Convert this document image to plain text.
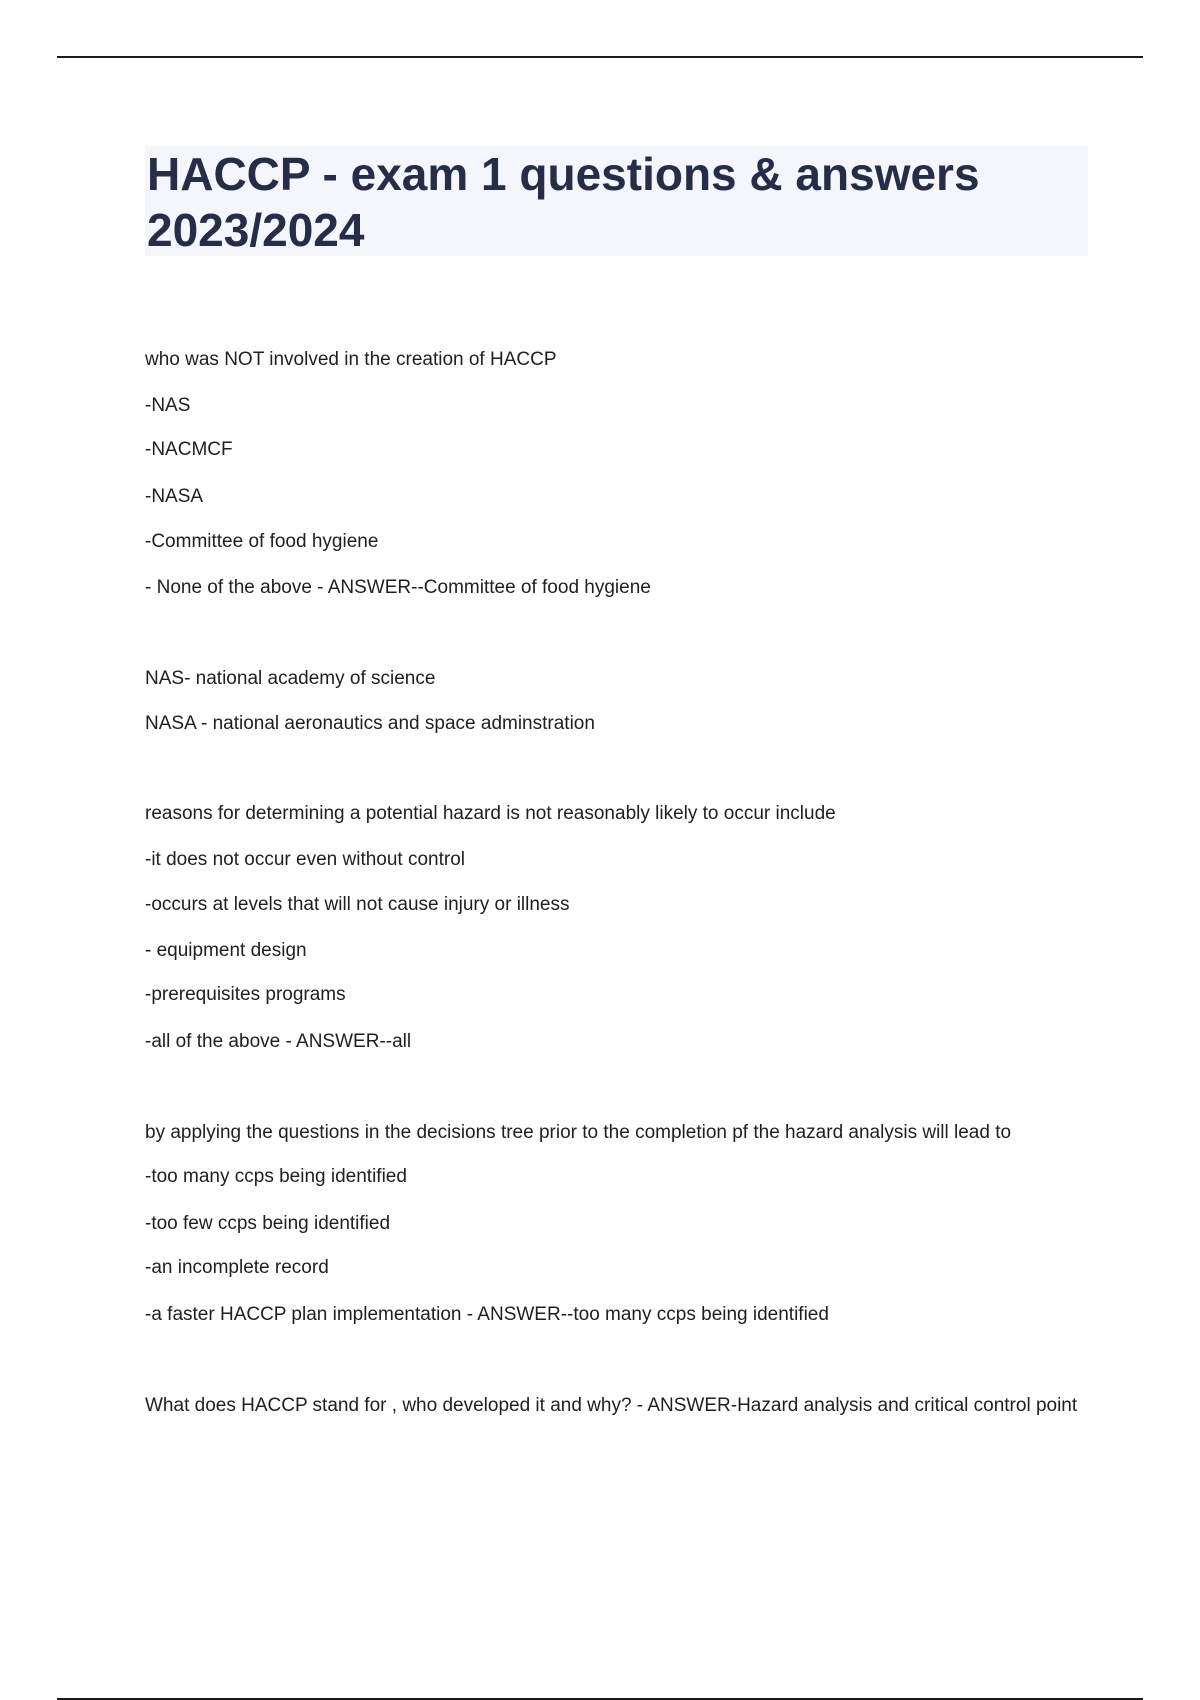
HACCP - exam 1 questions & answers 2023/2024
who was NOT involved in the creation of HACCP
-NAS
-NACMCF
-NASA
-Committee of food hygiene
- None of the above - ANSWER--Committee of food hygiene
NAS- national academy of science
NASA - national aeronautics and space adminstration
reasons for determining a potential hazard is not reasonably likely to occur include
-it does not occur even without control
-occurs at levels that will not cause injury or illness
- equipment design
-prerequisites programs
-all of the above - ANSWER--all
by applying the questions in the decisions tree prior to the completion pf the hazard analysis will lead to
-too many ccps being identified
-too few ccps being identified
-an incomplete record
-a faster HACCP plan implementation - ANSWER--too many ccps being identified
What does HACCP stand for , who developed it and why? - ANSWER-Hazard analysis and critical control point
